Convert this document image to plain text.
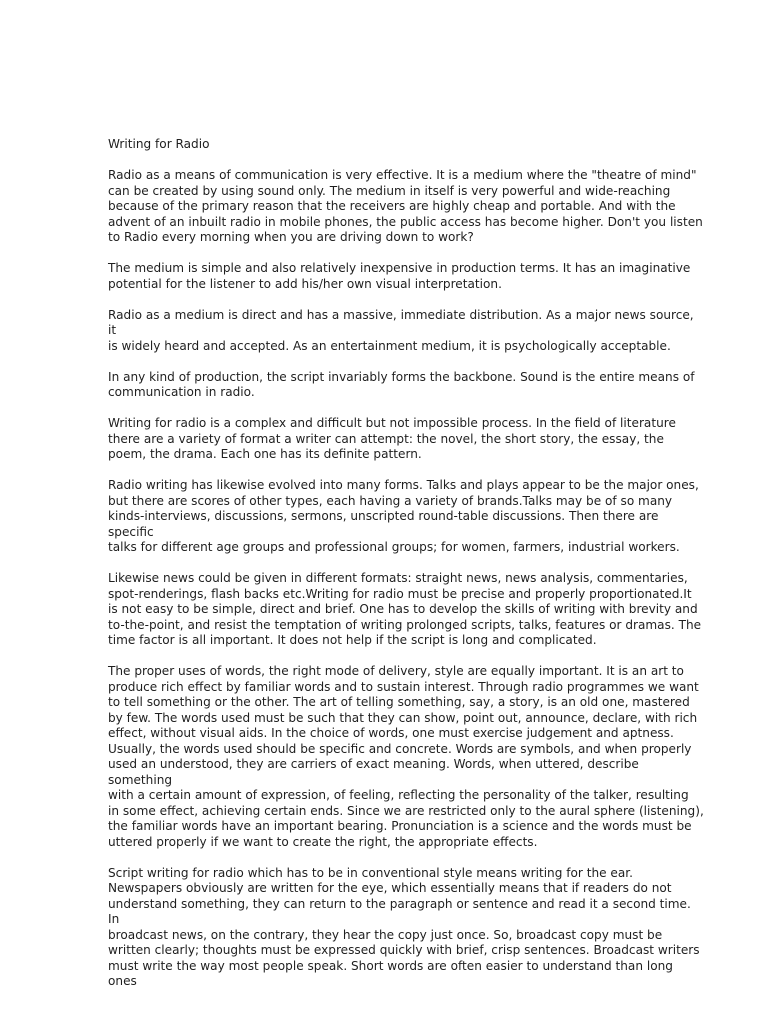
Writing for Radio

Radio as a means of communication is very effective. It is a medium where the "theatre of mind"
can be created by using sound only. The medium in itself is very powerful and wide-reaching
because of the primary reason that the receivers are highly cheap and portable. And with the
advent of an inbuilt radio in mobile phones, the public access has become higher. Don't you listen
to Radio every morning when you are driving down to work?

The medium is simple and also relatively inexpensive in production terms. It has an imaginative
potential for the listener to add his/her own visual interpretation.

Radio as a medium is direct and has a massive, immediate distribution. As a major news source, it
is widely heard and accepted. As an entertainment medium, it is psychologically acceptable.

In any kind of production, the script invariably forms the backbone. Sound is the entire means of
communication in radio.

Writing for radio is a complex and difficult but not impossible process. In the field of literature
there are a variety of format a writer can attempt: the novel, the short story, the essay, the
poem, the drama. Each one has its definite pattern.

Radio writing has likewise evolved into many forms. Talks and plays appear to be the major ones,
but there are scores of other types, each having a variety of brands.Talks may be of so many
kinds-interviews, discussions, sermons, unscripted round-table discussions. Then there are specific
talks for different age groups and professional groups; for women, farmers, industrial workers.

Likewise news could be given in different formats: straight news, news analysis, commentaries,
spot-renderings, flash backs etc.Writing for radio must be precise and properly proportionated.It
is not easy to be simple, direct and brief. One has to develop the skills of writing with brevity and
to-the-point, and resist the temptation of writing prolonged scripts, talks, features or dramas. The
time factor is all important. It does not help if the script is long and complicated.

The proper uses of words, the right mode of delivery, style are equally important. It is an art to
produce rich effect by familiar words and to sustain interest. Through radio programmes we want
to tell something or the other. The art of telling something, say, a story, is an old one, mastered
by few. The words used must be such that they can show, point out, announce, declare, with rich
effect, without visual aids. In the choice of words, one must exercise judgement and aptness.
Usually, the words used should be specific and concrete. Words are symbols, and when properly
used an understood, they are carriers of exact meaning. Words, when uttered, describe something
with a certain amount of expression, of feeling, reflecting the personality of the talker, resulting
in some effect, achieving certain ends. Since we are restricted only to the aural sphere (listening),
the familiar words have an important bearing. Pronunciation is a science and the words must be
uttered properly if we want to create the right, the appropriate effects.

Script writing for radio which has to be in conventional style means writing for the ear.
Newspapers obviously are written for the eye, which essentially means that if readers do not
understand something, they can return to the paragraph or sentence and read it a second time. In
broadcast news, on the contrary, they hear the copy just once. So, broadcast copy must be
written clearly; thoughts must be expressed quickly with brief, crisp sentences. Broadcast writers
must write the way most people speak. Short words are often easier to understand than long ones
